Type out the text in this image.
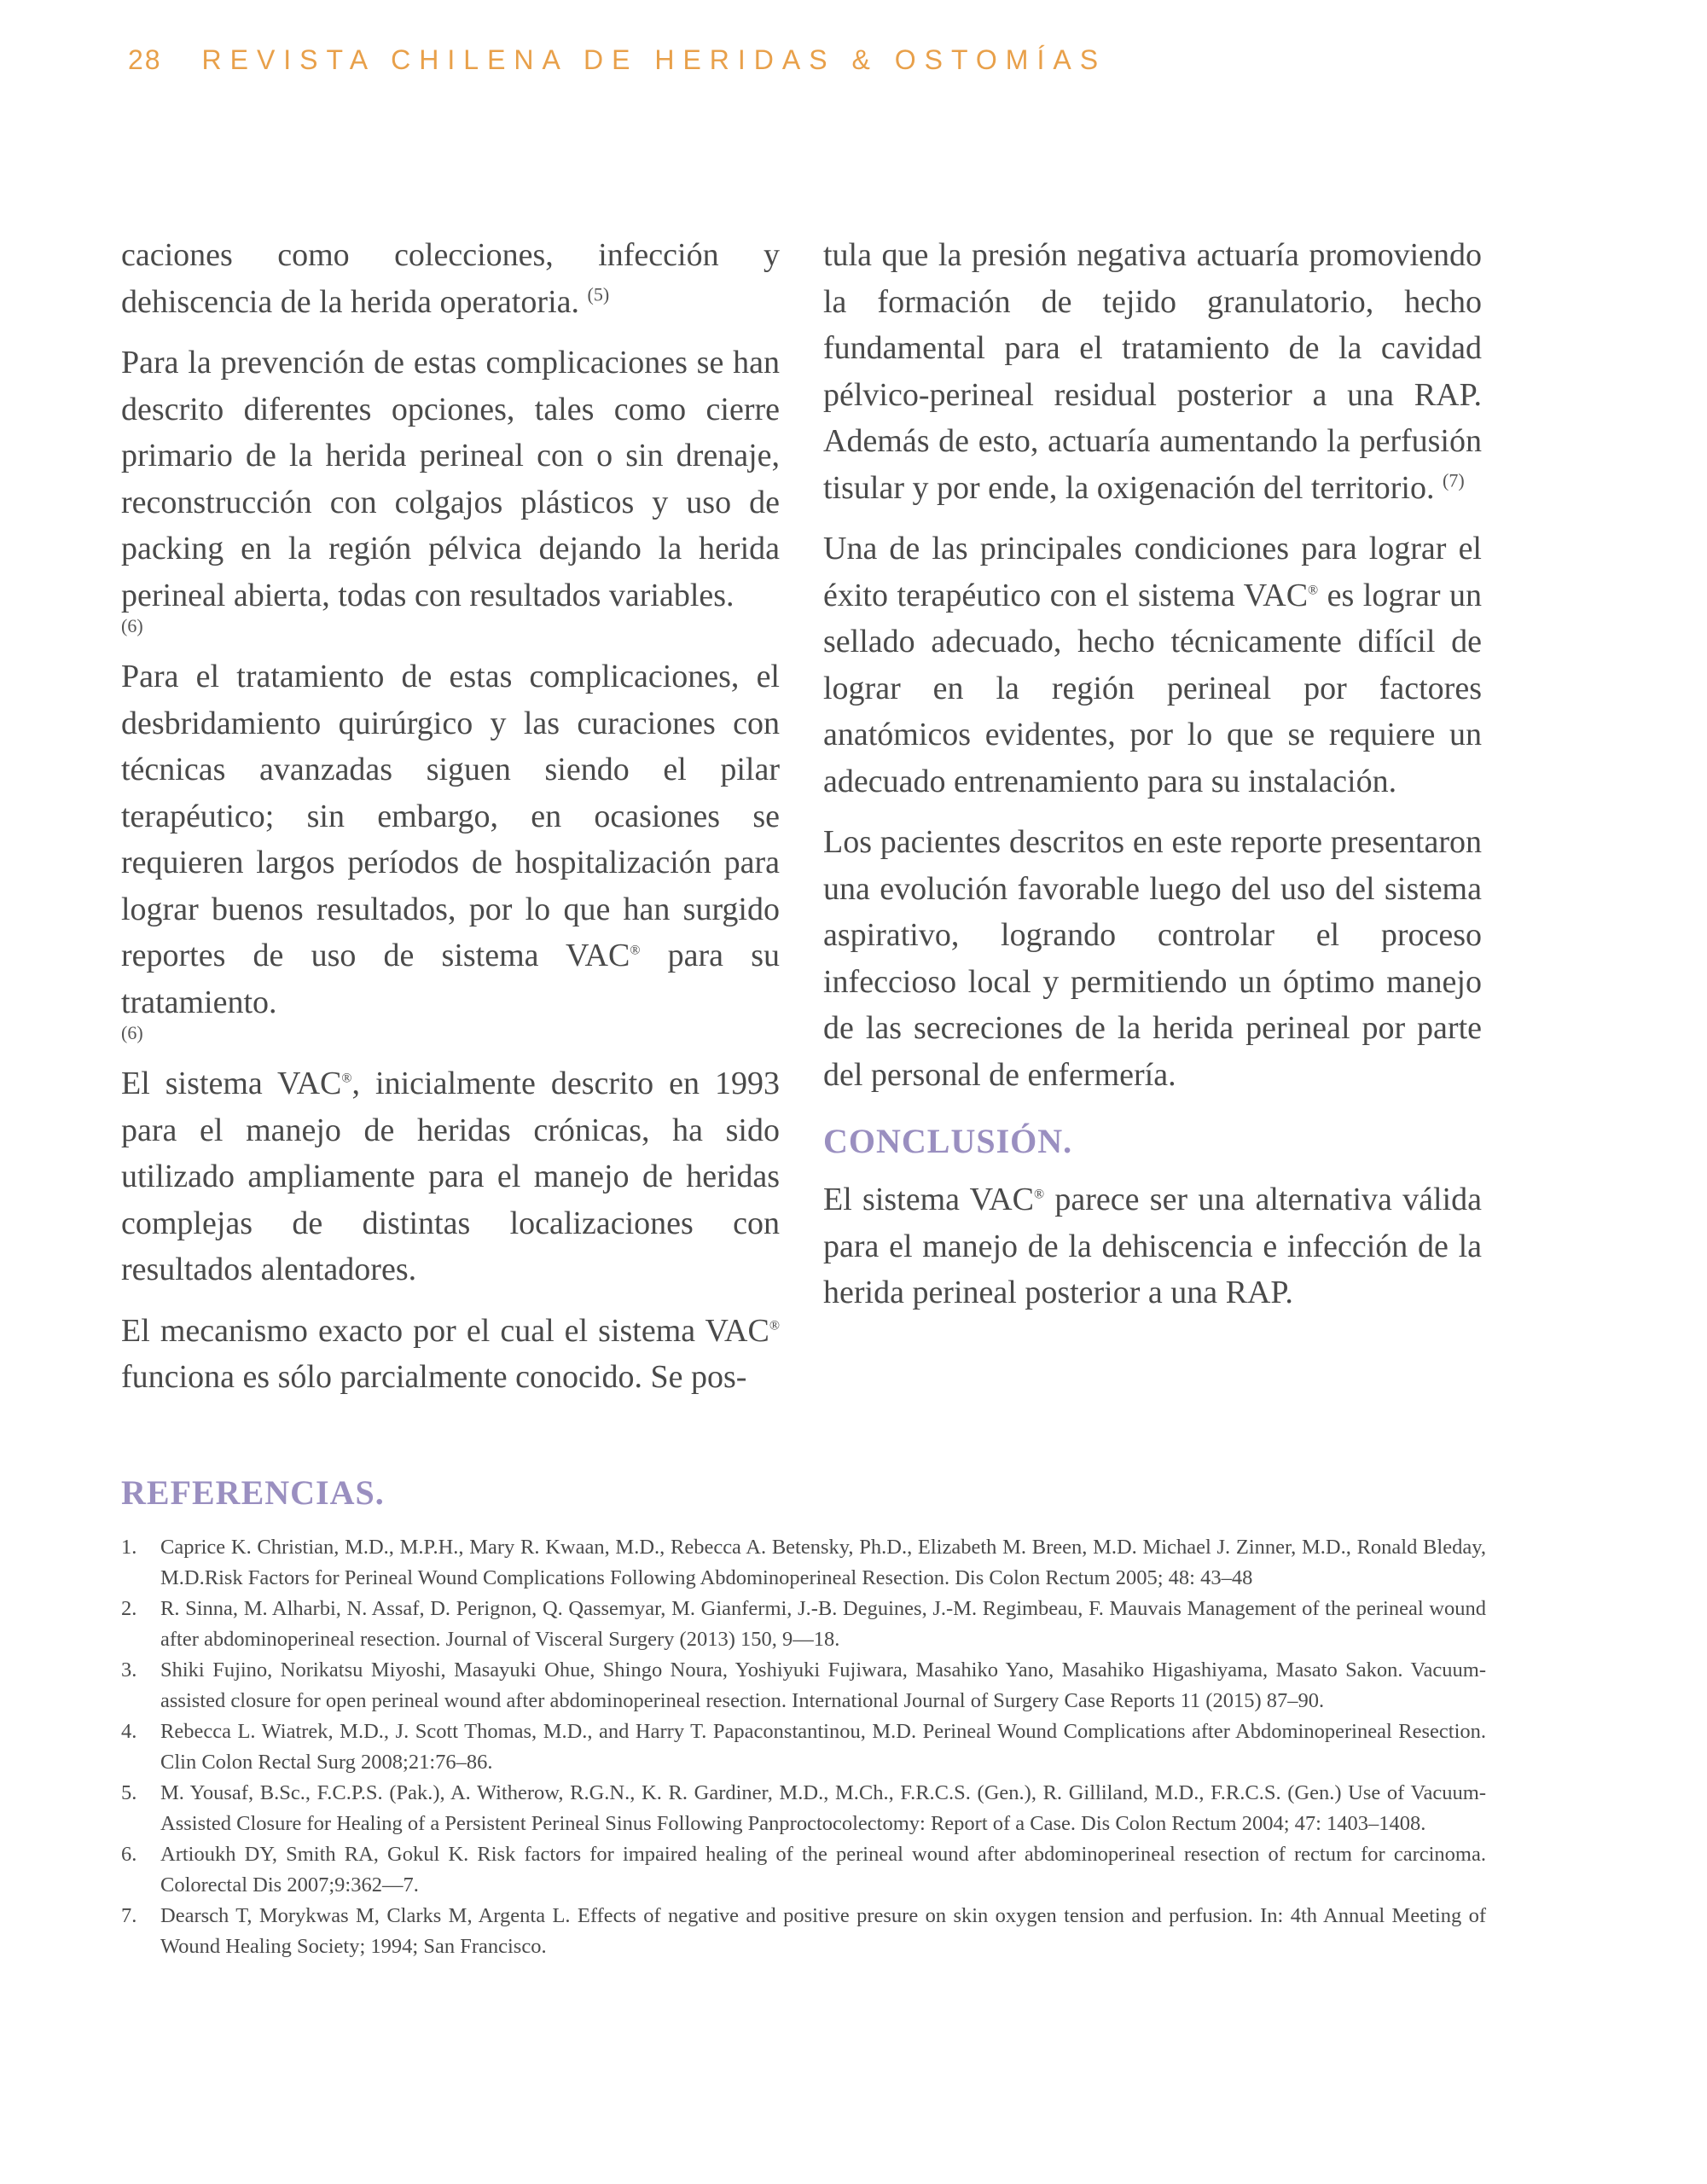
28 REVISTA CHILENA DE HERIDAS & OSTOMÍAS

caciones como colecciones, infección y dehiscencia de la herida operatoria. $^{(5)}$

Para la prevención de estas complicaciones se han descrito diferentes opciones, tales como cierre primario de la herida perineal con o sin drenaje, reconstrucción con colgajos plásticos y uso de packing en la región pélvica dejando la herida perineal abierta, todas con resultados variables.
(6)

Para el tratamiento de estas complicaciones, el desbridamiento quirúrgico y las curaciones con técnicas avanzadas siguen siendo el pilar terapéutico; sin embargo, en ocasiones se requieren largos períodos de hospitalización para lograr buenos resultados, por lo que han surgido reportes de uso de sistema VAC® para su tratamiento.
(6)

El sistema VAC®, inicialmente descrito en 1993 para el manejo de heridas crónicas, ha sido utilizado ampliamente para el manejo de heridas complejas de distintas localizaciones con resultados alentadores.

El mecanismo exacto por el cual el sistema VAC® funciona es sólo parcialmente conocido. Se pos-

tula que la presión negativa actuaría promoviendo la formación de tejido granulatorio, hecho fundamental para el tratamiento de la cavidad pélvico-perineal residual posterior a una RAP. Además de esto, actuaría aumentando la perfusión tisular y por ende, la oxigenación del territorio. $^{(7)}$

Una de las principales condiciones para lograr el éxito terapéutico con el sistema VAC® es lograr un sellado adecuado, hecho técnicamente difícil de lograr en la región perineal por factores anatómicos evidentes, por lo que se requiere un adecuado entrenamiento para su instalación.

Los pacientes descritos en este reporte presentaron una evolución favorable luego del uso del sistema aspirativo, logrando controlar el proceso infeccioso local y permitiendo un óptimo manejo de las secreciones de la herida perineal por parte del personal de enfermería.

CONCLUSIÓN.

El sistema VAC® parece ser una alternativa válida para el manejo de la dehiscencia e infección de la herida perineal posterior a una RAP.

REFERENCIAS.
1. Caprice K. Christian, M.D., M.P.H., Mary R. Kwaan, M.D., Rebecca A. Betensky, Ph.D., Elizabeth M. Breen, M.D. Michael J. Zinner, M.D., Ronald Bleday, M.D.Risk Factors for Perineal Wound Complications Following Abdominoperineal Resection. Dis Colon Rectum 2005; 48: 43–48
2. R. Sinna, M. Alharbi, N. Assaf, D. Perignon, Q. Qassemyar, M. Gianfermi, J.-B. Deguines, J.-M. Regimbeau, F. Mauvais Management of the perineal wound after abdominoperineal resection. Journal of Visceral Surgery (2013) 150, 9—18.
3. Shiki Fujino, Norikatsu Miyoshi, Masayuki Ohue, Shingo Noura, Yoshiyuki Fujiwara, Masahiko Yano, Masahiko Higashiyama, Masato Sakon. Vacuum-assisted closure for open perineal wound after abdominoperineal resection. International Journal of Surgery Case Reports 11 (2015) 87–90.
4. Rebecca L. Wiatrek, M.D., J. Scott Thomas, M.D., and Harry T. Papaconstantinou, M.D. Perineal Wound Complications after Abdominoperineal Resection. Clin Colon Rectal Surg 2008;21:76–86.
5. M. Yousaf, B.Sc., F.C.P.S. (Pak.), A. Witherow, R.G.N., K. R. Gardiner, M.D., M.Ch., F.R.C.S. (Gen.), R. Gilliland, M.D., F.R.C.S. (Gen.) Use of Vacuum-Assisted Closure for Healing of a Persistent Perineal Sinus Following Panproctocolectomy: Report of a Case. Dis Colon Rectum 2004; 47: 1403–1408.
6. Artioukh DY, Smith RA, Gokul K. Risk factors for impaired healing of the perineal wound after abdominoperineal resection of rectum for carcinoma. Colorectal Dis 2007;9:362—7.
7. Dearsch T, Morykwas M, Clarks M, Argenta L. Effects of negative and positive presure on skin oxygen tension and perfusion. In: 4th Annual Meeting of Wound Healing Society; 1994; San Francisco.
